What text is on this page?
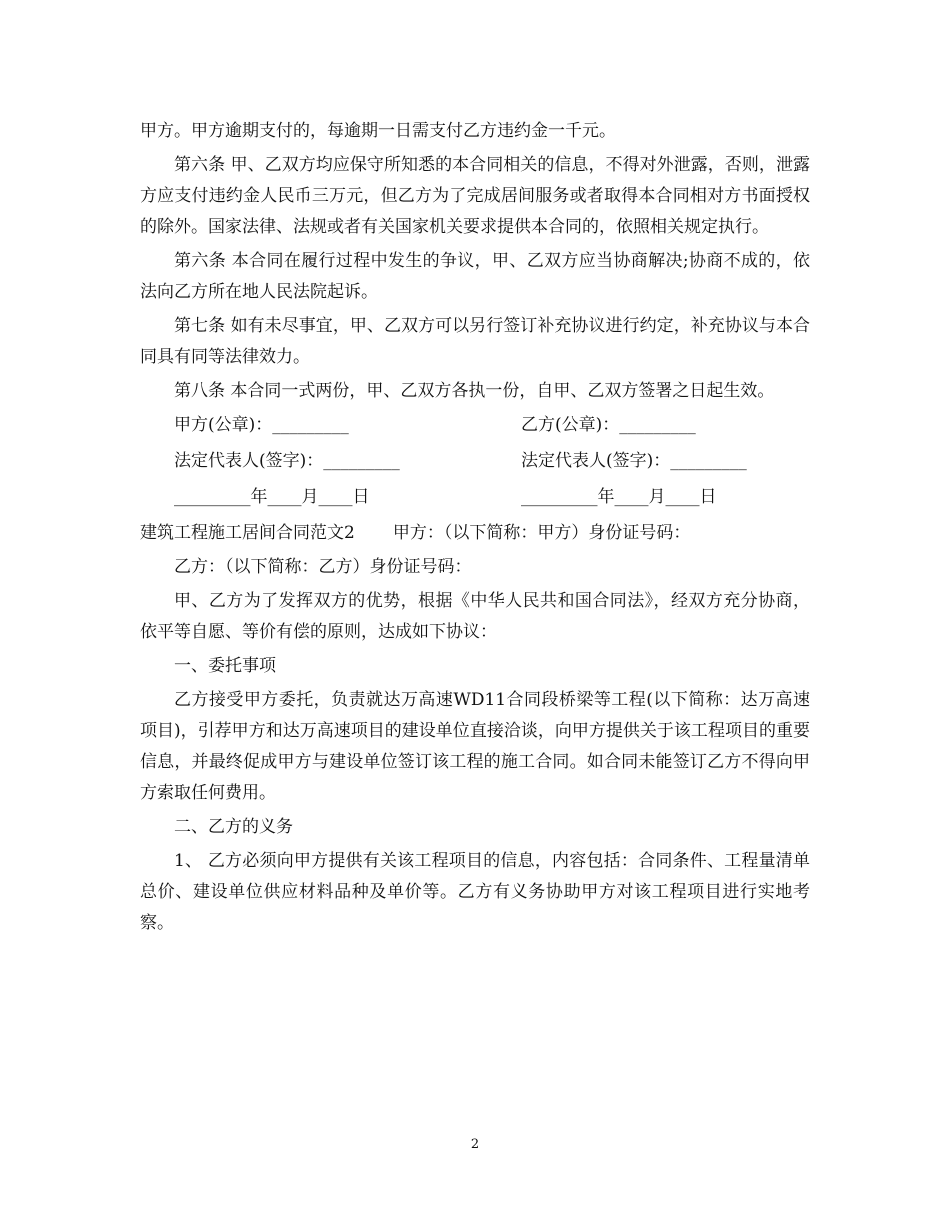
甲方。甲方逾期支付的，每逾期一日需支付乙方违约金一千元。

第六条 甲、乙双方均应保守所知悉的本合同相关的信息，不得对外泄露，否则，泄露方应支付违约金人民币三万元，但乙方为了完成居间服务或者取得本合同相对方书面授权的除外。国家法律、法规或者有关国家机关要求提供本合同的，依照相关规定执行。

第六条 本合同在履行过程中发生的争议，甲、乙双方应当协商解决;协商不成的，依法向乙方所在地人民法院起诉。

第七条 如有未尽事宜，甲、乙双方可以另行签订补充协议进行约定，补充协议与本合同具有同等法律效力。

第八条 本合同一式两份，甲、乙双方各执一份，自甲、乙双方签署之日起生效。

甲方(公章)：_________	乙方(公章)：_________
法定代表人(签字)：_________	法定代表人(签字)：_________
_________年____月____日	_________年____月____日

建筑工程施工居间合同范文2 甲方：（以下简称：甲方）身份证号码：

乙方：（以下简称：乙方）身份证号码：

甲、乙方为了发挥双方的优势，根据《中华人民共和国合同法》，经双方充分协商，依平等自愿、等价有偿的原则，达成如下协议：

一、委托事项

乙方接受甲方委托，负责就达万高速WD11合同段桥梁等工程(以下简称：达万高速项目)，引荐甲方和达万高速项目的建设单位直接洽谈，向甲方提供关于该工程项目的重要信息，并最终促成甲方与建设单位签订该工程的施工合同。如合同未能签订乙方不得向甲方索取任何费用。

二、乙方的义务

1、 乙方必须向甲方提供有关该工程项目的信息，内容包括：合同条件、工程量清单总价、建设单位供应材料品种及单价等。乙方有义务协助甲方对该工程项目进行实地考察。

2
